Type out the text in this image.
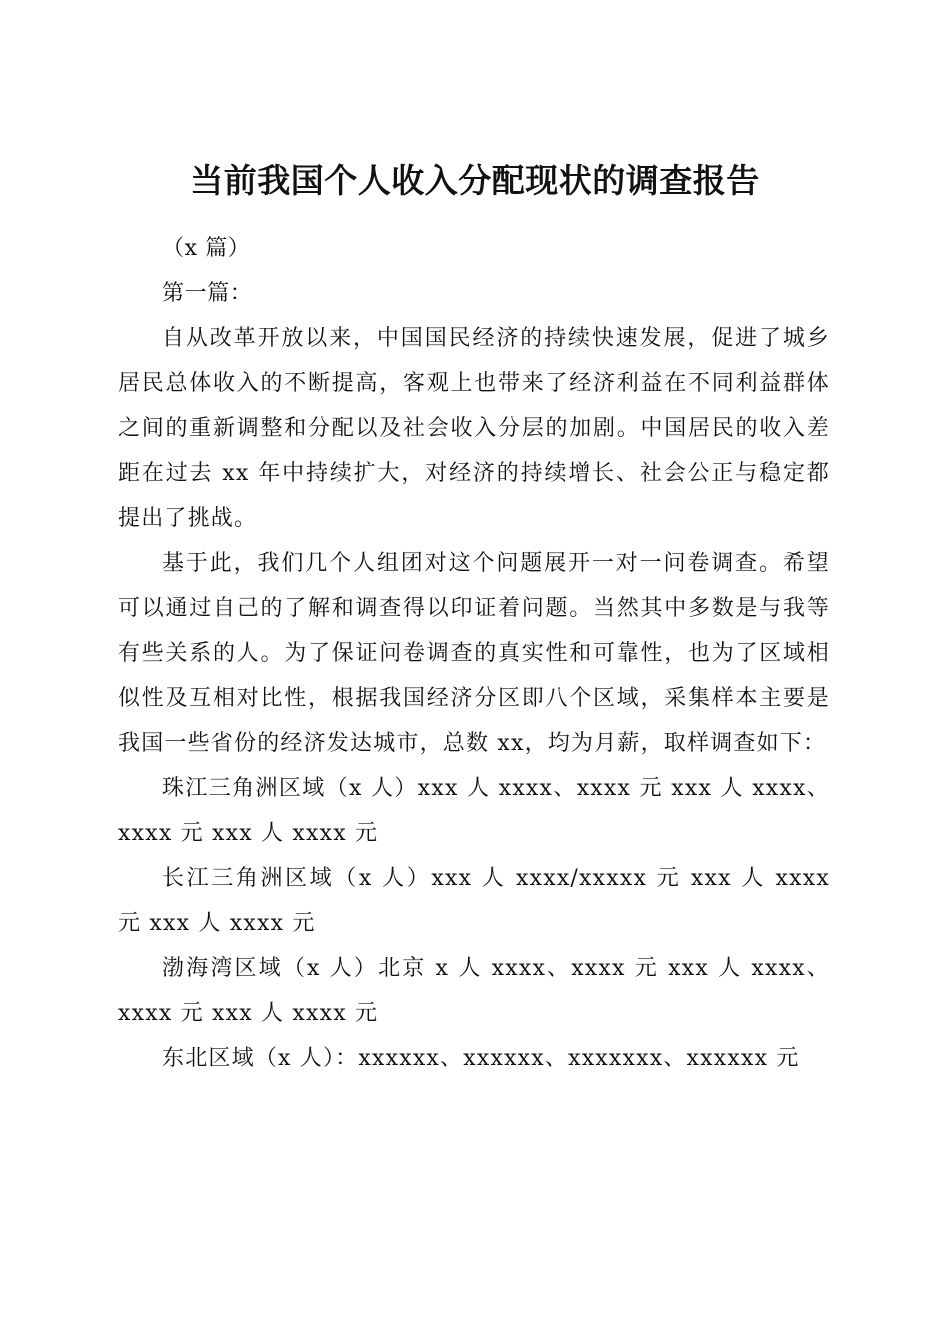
当前我国个人收入分配现状的调查报告

（x 篇）

第一篇：

自从改革开放以来，中国国民经济的持续快速发展，促进了城乡居民总体收入的不断提高，客观上也带来了经济利益在不同利益群体之间的重新调整和分配以及社会收入分层的加剧。中国居民的收入差距在过去 xx 年中持续扩大，对经济的持续增长、社会公正与稳定都提出了挑战。

基于此，我们几个人组团对这个问题展开一对一问卷调查。希望可以通过自己的了解和调查得以印证着问题。当然其中多数是与我等有些关系的人。为了保证问卷调查的真实性和可靠性，也为了区域相似性及互相对比性，根据我国经济分区即八个区域，采集样本主要是我国一些省份的经济发达城市，总数 xx，均为月薪，取样调查如下：

珠江三角洲区域（x 人）xxx 人 xxxx、xxxx 元 xxx 人 xxxx、xxxx 元 xxx 人 xxxx 元

长江三角洲区域（x 人）xxx 人 xxxx/xxxxx 元 xxx 人 xxxx 元 xxx 人 xxxx 元

渤海湾区域（x 人）北京 x 人 xxxx、xxxx 元 xxx 人 xxxx、xxxx 元 xxx 人 xxxx 元

东北区域（x 人）：xxxxxx、xxxxxx、xxxxxxx、xxxxxx 元
